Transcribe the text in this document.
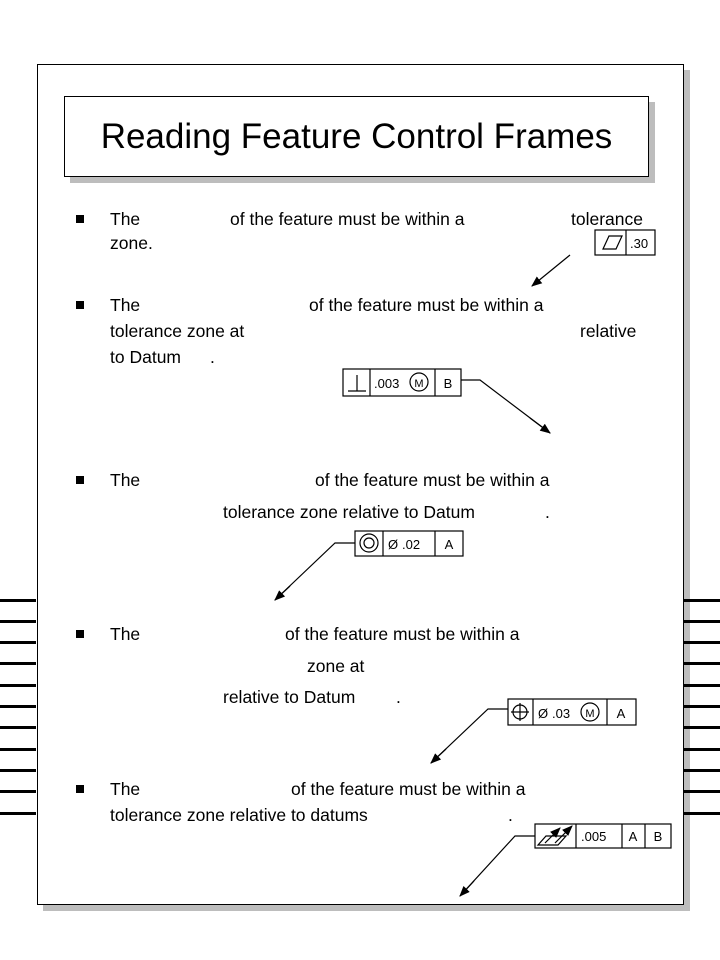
Reading Feature Control Frames
The	of the feature must be within a	tolerance
zone.
The	of the feature must be within a
tolerance zone at	relative
to Datum .
The	of the feature must be within a
tolerance zone relative to Datum	.
The	of the feature must be within a
zone at
relative to Datum .
The	of the feature must be within a
tolerance zone relative to datums	.
.30
.003 M B
Ø .02 A
Ø .03 M A
.005 A B
